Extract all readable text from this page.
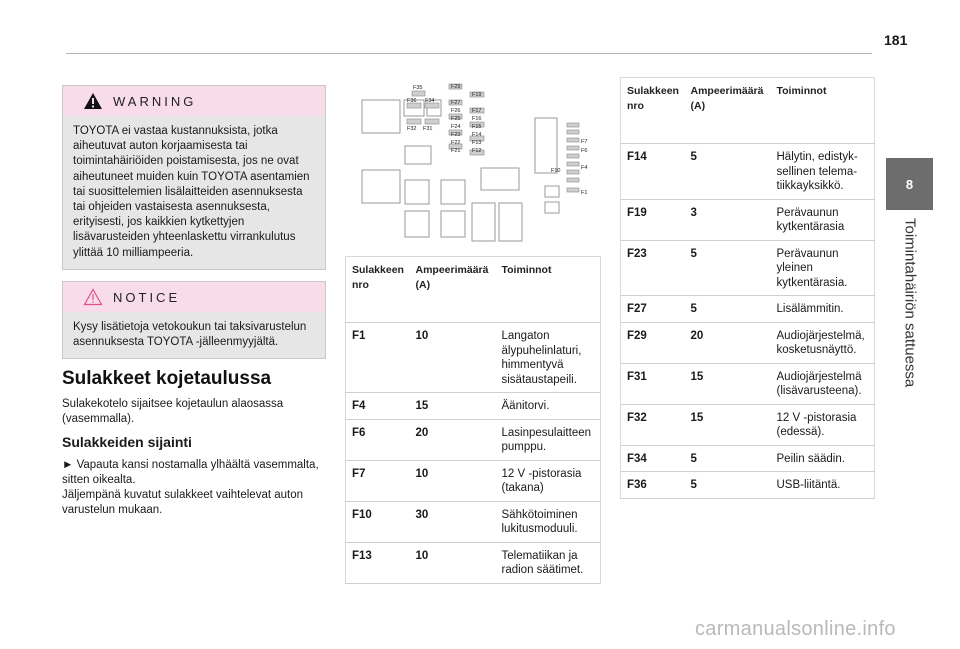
181
8
Toimintahäiriön sattuessa
WARNING
TOYOTA ei vastaa kustannuksista, jotka aiheutuvat auton korjaamisesta tai toimintahäiriöiden poistamisesta, jos ne ovat aiheutuneet muiden kuin TOYOTA asentamien tai suosittelemien lisälaitteiden asennuksesta tai ohjeiden vastaisesta asennuksesta, erityisesti, jos kaikkien kytkettyjen lisävarusteiden yhteenlaskettu virrankulutus ylittää 10 milliampeeria.
NOTICE
Kysy lisätietoja vetokoukun tai taksivarustelun asennuksesta TOYOTA -jälleenmyyjältä.
Sulakkeet kojetaulussa
Sulakekotelo sijaitsee kojetaulun alaosassa (vasemmalla).
Sulakkeiden sijainti
► Vapauta kansi nostamalla ylhäältä vasemmalta, sitten oikealta.
Jäljempänä kuvatut sulakkeet vaihtelevat auton varustelun mukaan.
F35	F29
F19
F36 F34	F27
F17
F26
F16
F25
F15
F24
F14
F32 F31
F23
F13
F22
F12
F21
F7
F6
F10	F4
F1
Sulakkeen nro	Ampeerimäärä (A)	Toiminnot
F1	10	Langaton älypuhelinlaturi, himmentyvä sisätaustapeili.
F4	15	Äänitorvi.
F6	20	Lasinpesulaitteen pumppu.
F7	10	12 V -pistorasia (takana)
F10	30	Sähkötoiminen lukitusmoduuli.
F13	10	Telematiikan ja radion säätimet.
Sulakkeen nro	Ampeerimäärä (A)	Toiminnot
F14	5	Hälytin, edistyk-sellinen telema-tiikkayksikkö.
F19	3	Perävaunun kytkentärasia
F23	5	Perävaunun yleinen kytkentärasia.
F27	5	Lisälämmitin.
F29	20	Audiojärjestelmä, kosketusnäyttö.
F31	15	Audiojärjestelmä (lisävarusteena).
F32	15	12 V -pistorasia (edessä).
F34	5	Peilin säädin.
F36	5	USB-liitäntä.
carmanualsonline.info
